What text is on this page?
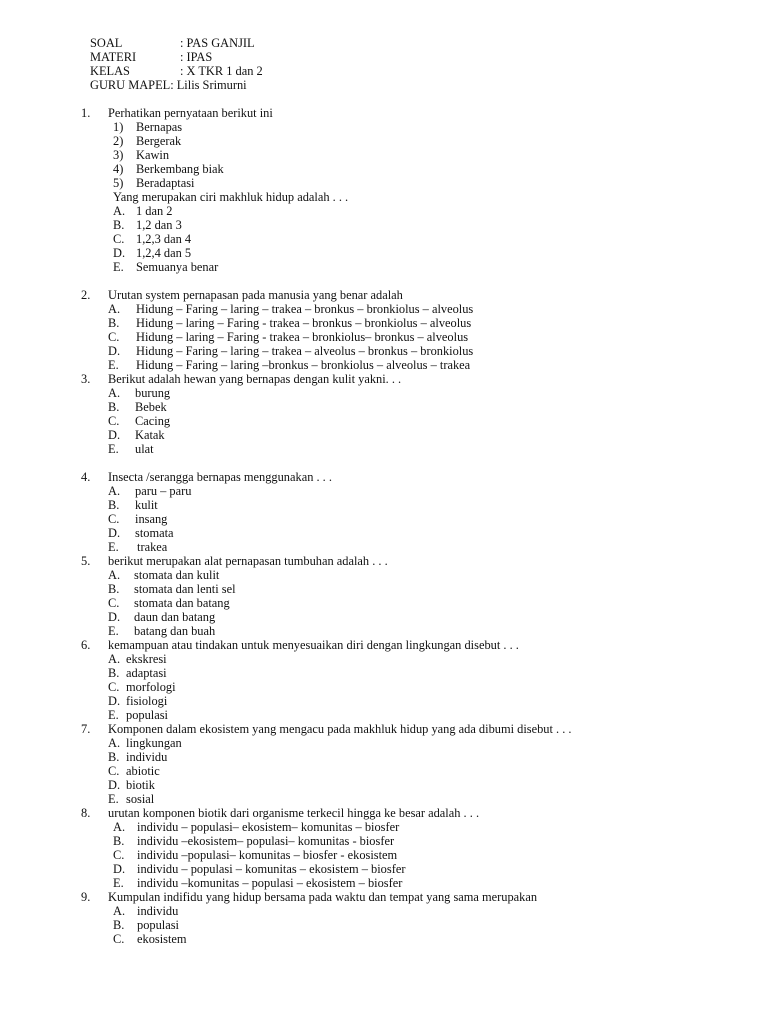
SOAL	: PAS GANJIL
MATERI	: IPAS
KELAS	: X TKR 1 dan 2
GURU MAPEL: Lilis Srimurni
1.	Perhatikan pernyataan berikut ini
1) Bernapas
2) Bergerak
3) Kawin
4) Berkembang biak
5) Beradaptasi
Yang merupakan ciri makhluk hidup adalah . . .
A. 1 dan 2
B. 1,2 dan 3
C. 1,2,3 dan 4
D. 1,2,4 dan 5
E. Semuanya benar
2.	Urutan system pernapasan pada manusia yang benar adalah
A. Hidung – Faring – laring – trakea – bronkus – bronkiolus – alveolus
B. Hidung – laring – Faring - trakea – bronkus – bronkiolus – alveolus
C. Hidung – laring – Faring - trakea – bronkiolus– bronkus – alveolus
D. Hidung – Faring – laring – trakea – alveolus – bronkus – bronkiolus
E. Hidung – Faring – laring –bronkus – bronkiolus – alveolus – trakea
3.	Berikut adalah hewan yang bernapas dengan kulit yakni. . .
A. burung
B. Bebek
C. Cacing
D. Katak
E. ulat
4.	Insecta /serangga bernapas menggunakan . . .
A. paru – paru
B. kulit
C. insang
D. stomata
E. trakea
5.	berikut merupakan alat pernapasan tumbuhan adalah . . .
A. stomata dan kulit
B. stomata dan lenti sel
C. stomata dan batang
D. daun dan batang
E. batang dan buah
6.	kemampuan atau tindakan untuk menyesuaikan diri dengan lingkungan disebut . . .
A. ekskresi
B. adaptasi
C. morfologi
D. fisiologi
E. populasi
7.	Komponen dalam ekosistem yang mengacu pada makhluk hidup yang ada dibumi disebut . . .
A. lingkungan
B. individu
C. abiotic
D. biotik
E. sosial
8.	urutan komponen biotik dari organisme terkecil hingga ke besar adalah . . .
A. individu – populasi– ekosistem– komunitas – biosfer
B. individu –ekosistem– populasi– komunitas - biosfer
C. individu –populasi– komunitas – biosfer - ekosistem
D. individu – populasi – komunitas – ekosistem – biosfer
E. individu –komunitas – populasi – ekosistem – biosfer
9.	Kumpulan indifidu yang hidup bersama pada waktu dan tempat yang sama merupakan
A. individu
B. populasi
C. ekosistem
